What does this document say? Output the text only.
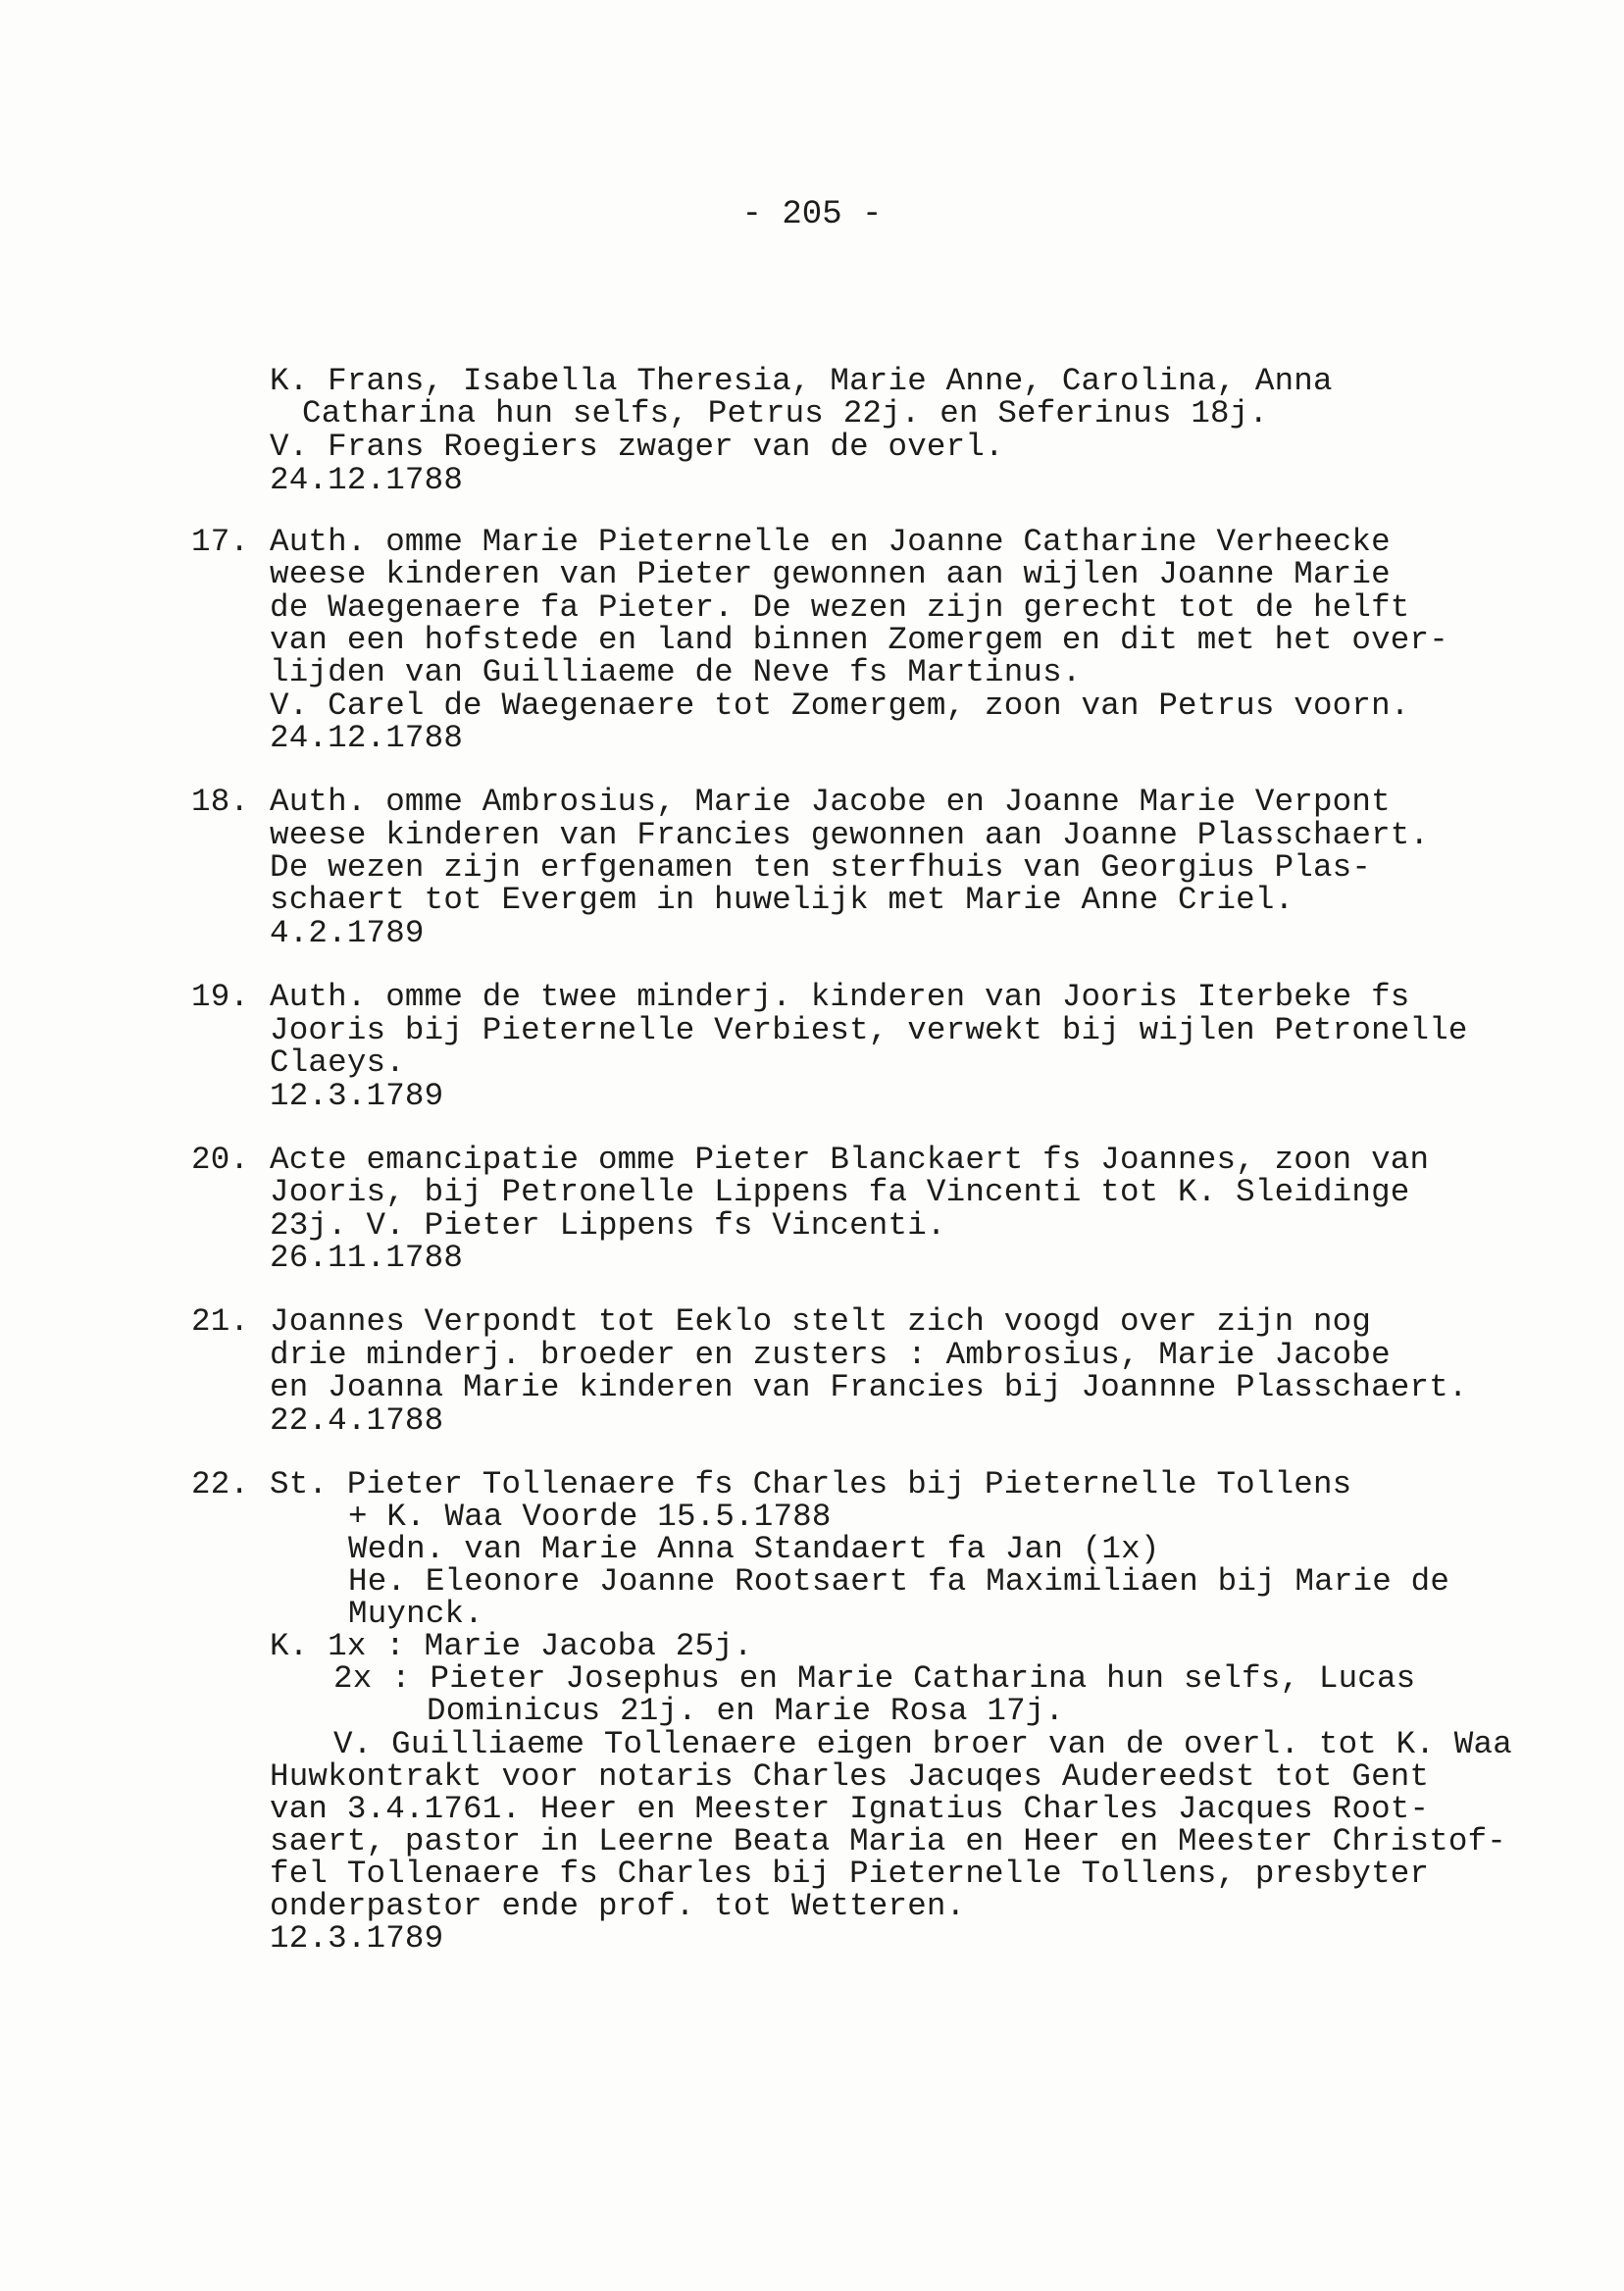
- 205 -
K. Frans, Isabella Theresia, Marie Anne, Carolina, Anna
Catharina hun selfs, Petrus 22j. en Seferinus 18j.
V. Frans Roegiers zwager van de overl.
24.12.1788
Auth. omme Marie Pieternelle en Joanne Catharine Verheecke
17.
weese kinderen van Pieter gewonnen aan wijlen Joanne Marie
de Waegenaere fa Pieter. De wezen zijn gerecht tot de helft
van een hofstede en land binnen Zomergem en dit met het over-
lijden van Guilliaeme de Neve fs Martinus.
V. Carel de Waegenaere tot Zomergem, zoon van Petrus voorn.
24.12.1788
Auth. omme Ambrosius, Marie Jacobe en Joanne Marie Verpont
18.
weese kinderen van Francies gewonnen aan Joanne Plasschaert.
De wezen zijn erfgenamen ten sterfhuis van Georgius Plas-
schaert tot Evergem in huwelijk met Marie Anne Criel.
4.2.1789
Auth. omme de twee minderj. kinderen van Jooris Iterbeke fs
19.
Jooris bij Pieternelle Verbiest, verwekt bij wijlen Petronelle
Claeys.
12.3.1789
Acte emancipatie omme Pieter Blanckaert fs Joannes, zoon van
20.
Jooris, bij Petronelle Lippens fa Vincenti tot K. Sleidinge
23j. V. Pieter Lippens fs Vincenti.
26.11.1788
Joannes Verpondt tot Eeklo stelt zich voogd over zijn nog
21.
drie minderj. broeder en zusters : Ambrosius, Marie Jacobe
en Joanna Marie kinderen van Francies bij Joannne Plasschaert.
22.4.1788
St. Pieter Tollenaere fs Charles bij Pieternelle Tollens
22.
+ K. Waa Voorde 15.5.1788
Wedn. van Marie Anna Standaert fa Jan (1x)
He. Eleonore Joanne Rootsaert fa Maximiliaen bij Marie de
Muynck.
K. 1x : Marie Jacoba 25j.
2x : Pieter Josephus en Marie Catharina hun selfs, Lucas
Dominicus 21j. en Marie Rosa 17j.
V. Guilliaeme Tollenaere eigen broer van de overl. tot K. Waa
Huwkontrakt voor notaris Charles Jacuqes Audereedst tot Gent
van 3.4.1761. Heer en Meester Ignatius Charles Jacques Root-
saert, pastor in Leerne Beata Maria en Heer en Meester Christof-
fel Tollenaere fs Charles bij Pieternelle Tollens, presbyter
onderpastor ende prof. tot Wetteren.
12.3.1789
